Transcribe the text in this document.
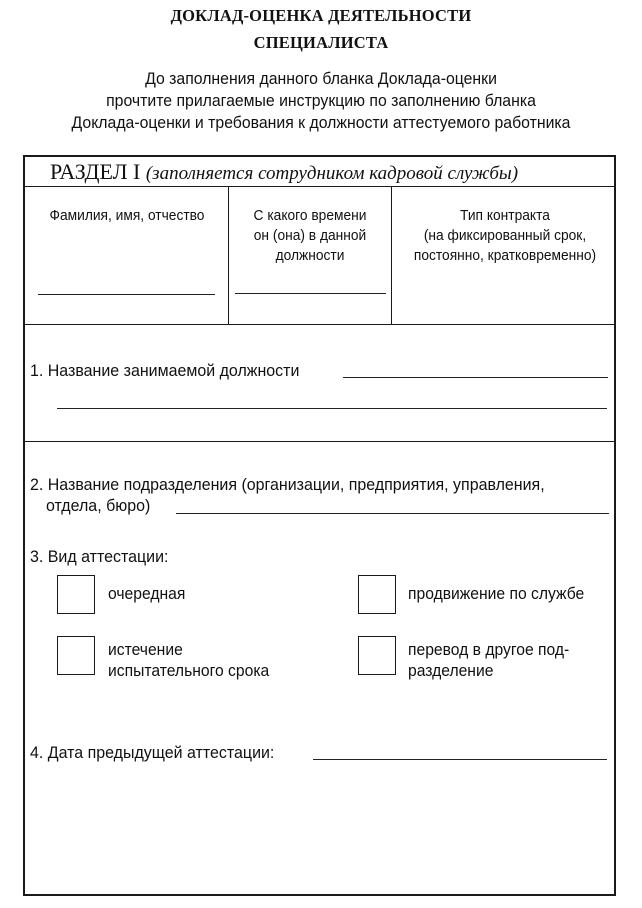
ДОКЛАД-ОЦЕНКА ДЕЯТЕЛЬНОСТИ
СПЕЦИАЛИСТА
До заполнения данного бланка Доклада-оценки
прочтите прилагаемые инструкцию по заполнению бланка
Доклада-оценки и требования к должности аттестуемого работника
РАЗДЕЛ I (заполняется сотрудником кадровой службы)
Фамилия, имя, отчество	С какого времени
он (она) в данной
должности
Тип контракта
(на фиксированный срок,
постоянно, кратковременно)
1. Название занимаемой должности
2. Название подразделения (организации, предприятия, управления,
отдела, бюро)
3. Вид аттестации:
очередная	продвижение по службе
истечение
испытательного срока
перевод в другое под-
разделение
4. Дата предыдущей аттестации:
